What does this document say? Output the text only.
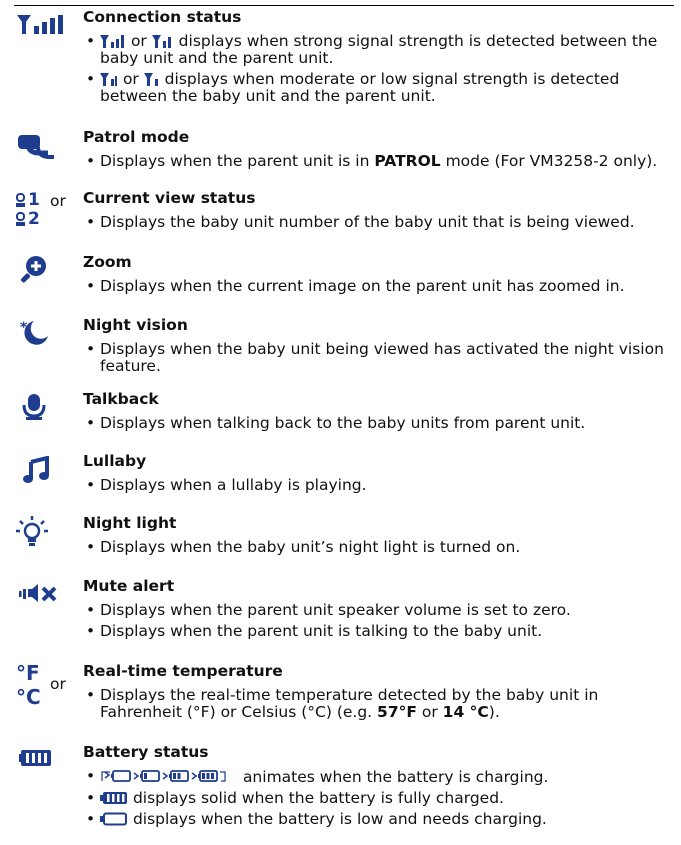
Connection status

• or displays when strong signal strength is detected between the baby unit and the parent unit.
• or displays when moderate or low signal strength is detected between the baby unit and the parent unit.

Patrol mode

• Displays when the parent unit is in PATROL mode (For VM3258-2 only).
1
2
or Current view status

• Displays the baby unit number of the baby unit that is being viewed.

Zoom

• Displays when the current image on the parent unit has zoomed in.
*	Night vision

• Displays when the baby unit being viewed has activated the night vision feature.

Talkback

• Displays when talking back to the baby units from parent unit.

Lullaby

• Displays when a lullaby is playing.

Night light

• Displays when the baby unit’s night light is turned on.

Mute alert

• Displays when the parent unit speaker volume is set to zero.
• Displays when the parent unit is talking to the baby unit.
°F
°C
or

Real-time temperature

• Displays the real-time temperature detected by the baby unit in Fahrenheit (°F) or Celsius (°C) (e.g. 57°F or 14 °C).

Battery status

• animates when the battery is charging.
• displays solid when the battery is fully charged.
• displays when the battery is low and needs charging.
